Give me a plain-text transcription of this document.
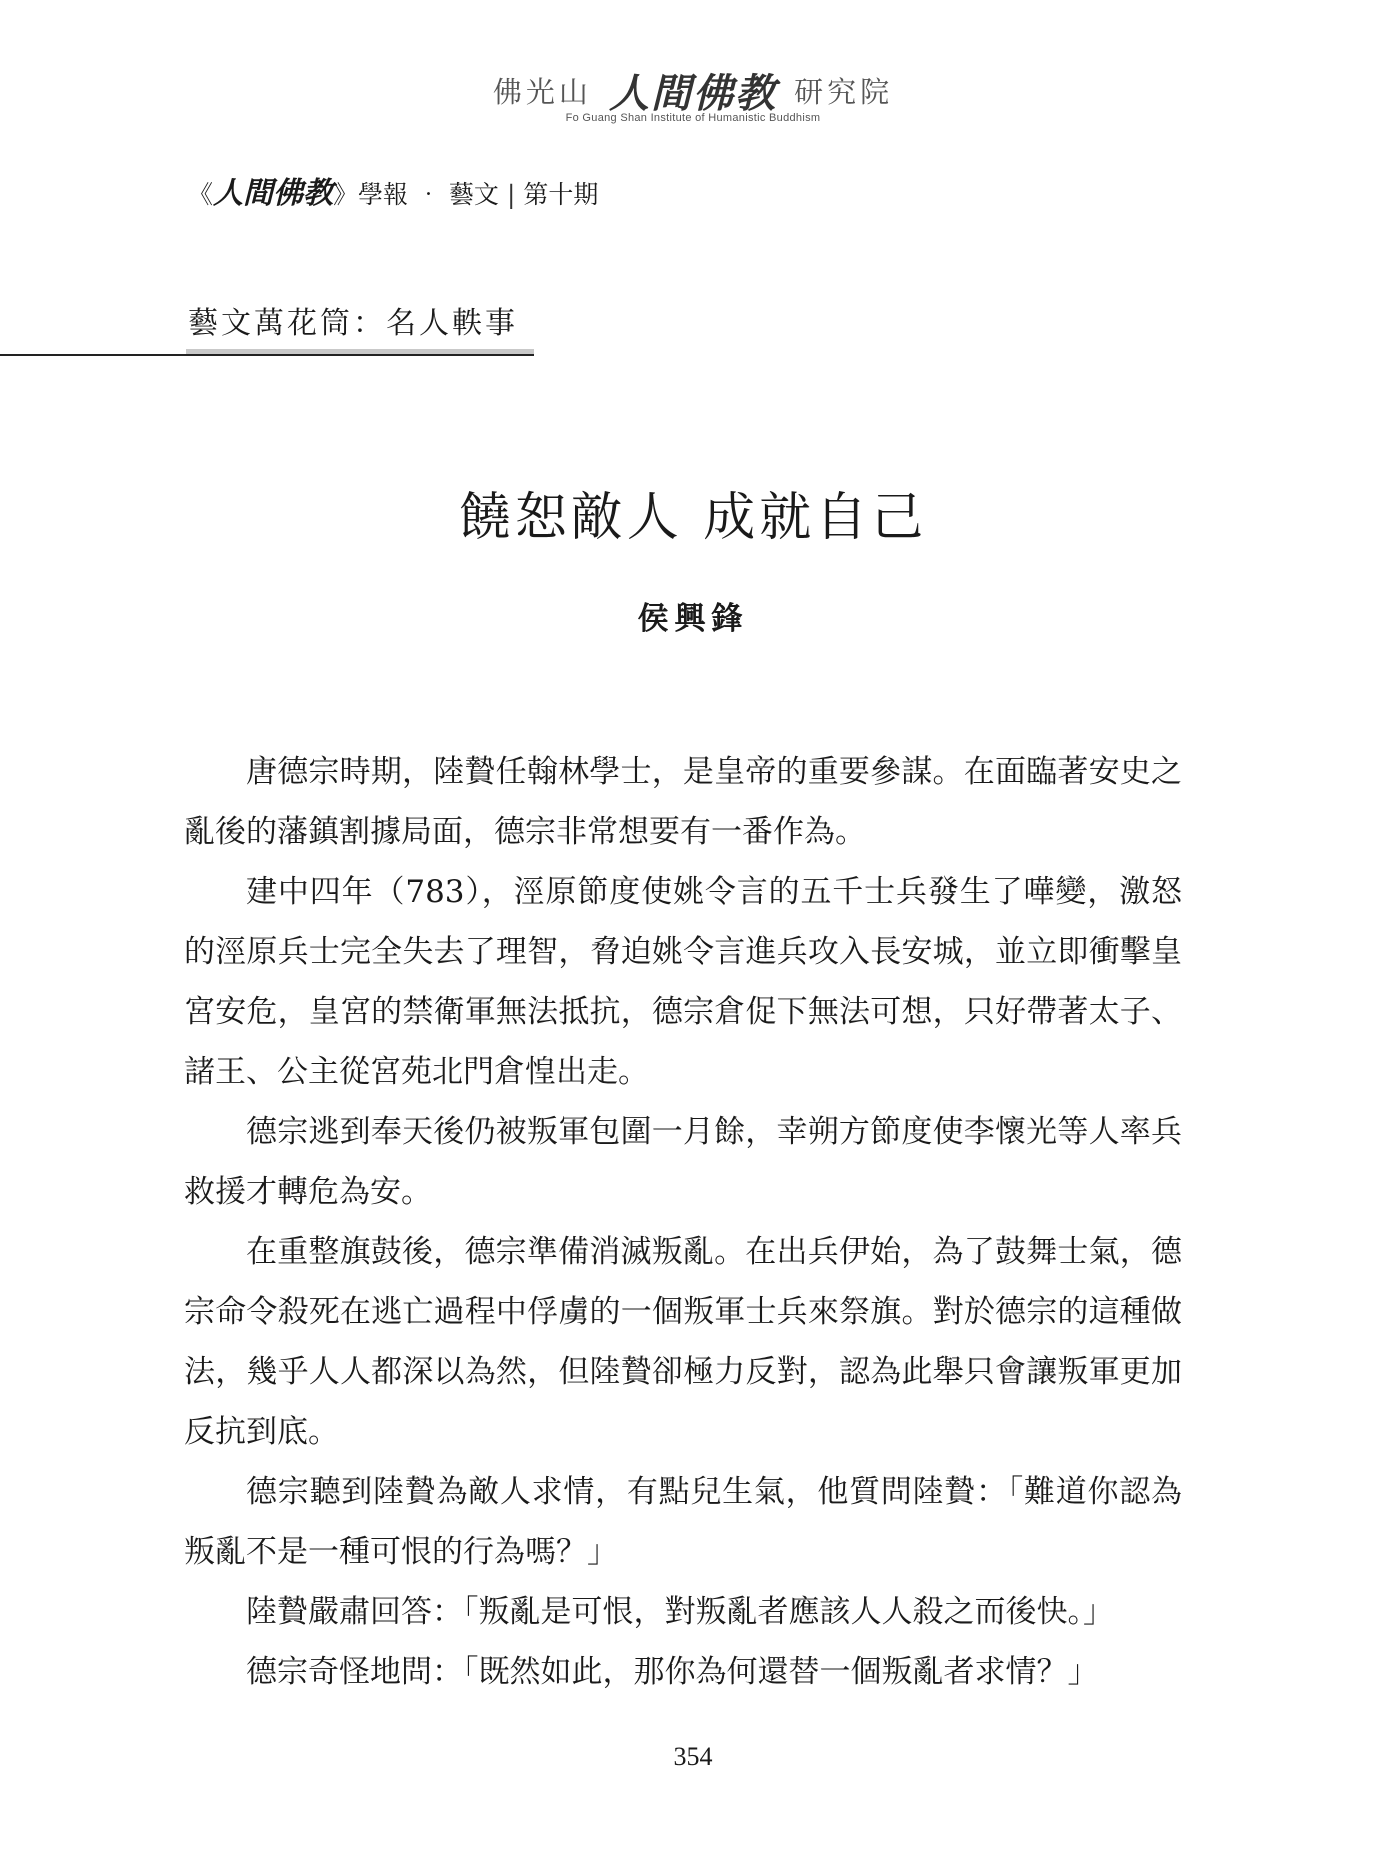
佛光山 人間佛教 研究院
Fo Guang Shan Institute of Humanistic Buddhism
《人間佛教》學報 ‧ 藝文 | 第十期
藝文萬花筒：名人軼事
饒恕敵人 成就自己
侯興鋒

唐德宗時期，陸贄任翰林學士，是皇帝的重要參謀。在面臨著安史之亂後的藩鎮割據局面，德宗非常想要有一番作為。

建中四年（783），涇原節度使姚令言的五千士兵發生了嘩變，激怒的涇原兵士完全失去了理智，脅迫姚令言進兵攻入長安城，並立即衝擊皇宮安危，皇宮的禁衛軍無法抵抗，德宗倉促下無法可想，只好帶著太子、諸王、公主從宮苑北門倉惶出走。

德宗逃到奉天後仍被叛軍包圍一月餘，幸朔方節度使李懷光等人率兵救援才轉危為安。

在重整旗鼓後，德宗準備消滅叛亂。在出兵伊始，為了鼓舞士氣，德宗命令殺死在逃亡過程中俘虜的一個叛軍士兵來祭旗。對於德宗的這種做法，幾乎人人都深以為然，但陸贄卻極力反對，認為此舉只會讓叛軍更加反抗到底。

德宗聽到陸贄為敵人求情，有點兒生氣，他質問陸贄：「難道你認為叛亂不是一種可恨的行為嗎？」

陸贄嚴肅回答：「叛亂是可恨，對叛亂者應該人人殺之而後快。」

德宗奇怪地問：「既然如此，那你為何還替一個叛亂者求情？」

354
